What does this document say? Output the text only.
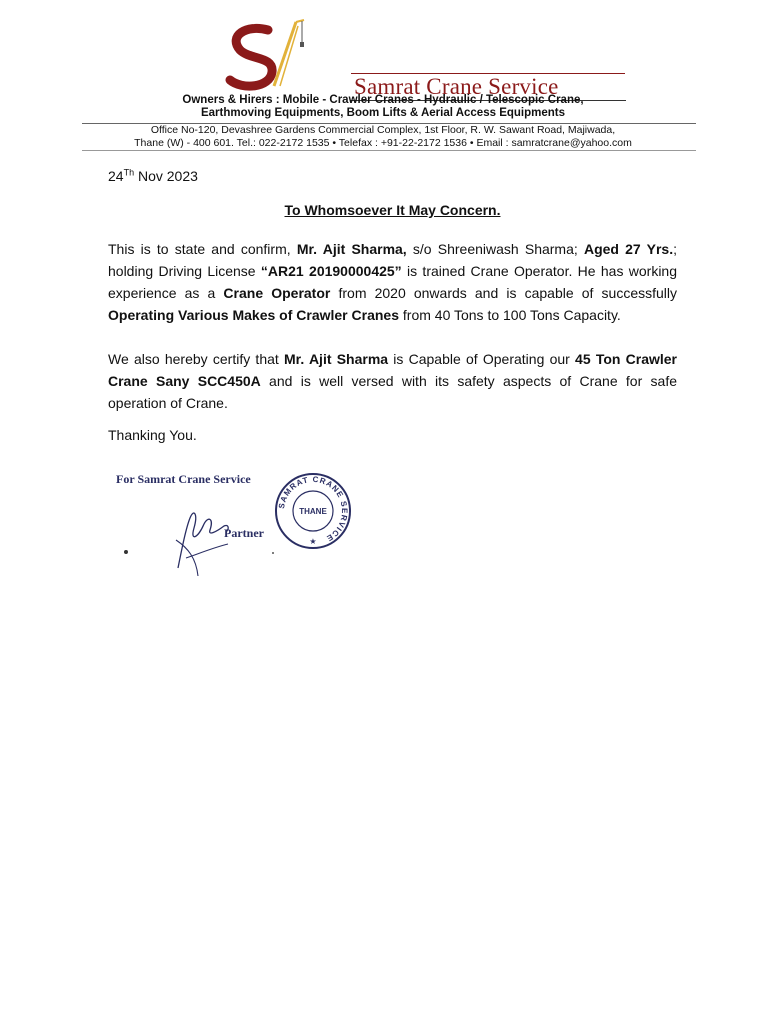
Samrat Crane Service
Owners & Hirers : Mobile - Crawler Cranes - Hydraulic / Telescopic Crane,
Earthmoving Equipments, Boom Lifts & Aerial Access Equipments
Office No-120, Devashree Gardens Commercial Complex, 1st Floor, R. W. Sawant Road, Majiwada,
Thane (W) - 400 601. Tel.: 022-2172 1535 • Telefax : +91-22-2172 1536 • Email : samratcrane@yahoo.com
24Th Nov 2023
To Whomsoever It May Concern.

This is to state and confirm, Mr. Ajit Sharma, s/o Shreeniwash Sharma; Aged 27 Yrs.; holding Driving License “AR21 20190000425” is trained Crane Operator. He has working experience as a Crane Operator from 2020 onwards and is capable of successfully Operating Various Makes of Crawler Cranes from 40 Tons to 100 Tons Capacity.

We also hereby certify that Mr. Ajit Sharma is Capable of Operating our 45 Ton Crawler Crane Sany SCC450A and is well versed with its safety aspects of Crane for safe operation of Crane.

Thanking You.
For Samrat Crane Service
Partner
SAMRAT CRANE SERVICE
THANE
★
